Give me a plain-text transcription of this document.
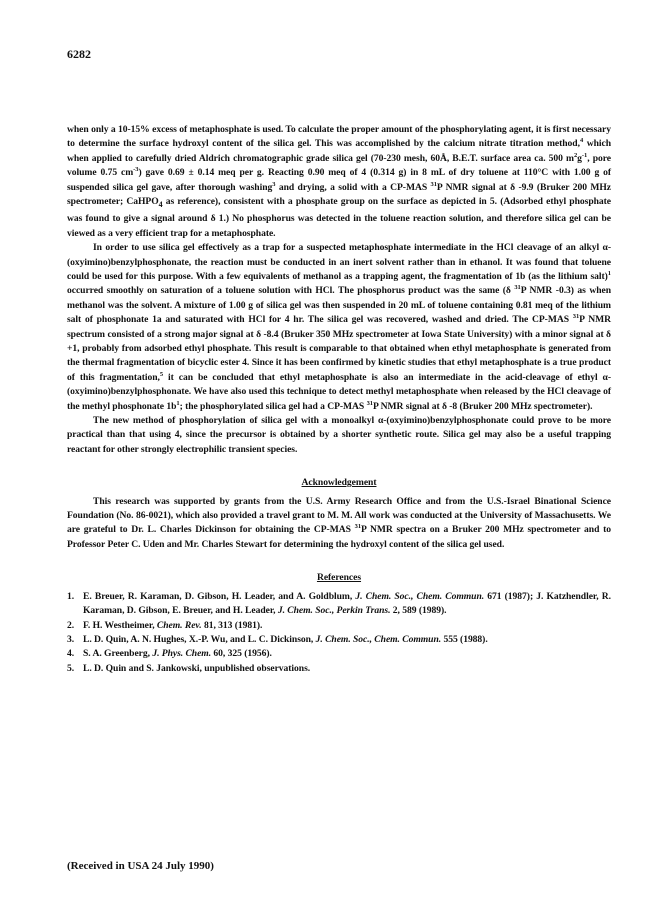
6282

when only a 10-15% excess of metaphosphate is used. To calculate the proper amount of the phosphorylating agent, it is first necessary to determine the surface hydroxyl content of the silica gel. This was accomplished by the calcium nitrate titration method,$^4$ which when applied to carefully dried Aldrich chromatographic grade silica gel (70-230 mesh, 60Å, B.E.T. surface area ca. 500 $m^2g^{-1}$, pore volume 0.75 $cm^{-3}$) gave 0.69 ± 0.14 meq per g. Reacting 0.90 meq of 4 (0.314 g) in 8 mL of dry toluene at 110°C with 1.00 g of suspended silica gel gave, after thorough washing$^3$ and drying, a solid with a CP-MAS $^{31}$P NMR signal at δ -9.9 (Bruker 200 MHz spectrometer; CaHPO$_4$ as reference), consistent with a phosphate group on the surface as depicted in 5. (Adsorbed ethyl phosphate was found to give a signal around δ 1.) No phosphorus was detected in the toluene reaction solution, and therefore silica gel can be viewed as a very efficient trap for a metaphosphate.

In order to use silica gel effectively as a trap for a suspected metaphosphate intermediate in the HCl cleavage of an alkyl α-(oxyimino)benzylphosphonate, the reaction must be conducted in an inert solvent rather than in ethanol. It was found that toluene could be used for this purpose. With a few equivalents of methanol as a trapping agent, the fragmentation of 1b (as the lithium salt)$^1$ occurred smoothly on saturation of a toluene solution with HCl. The phosphorus product was the same (δ $^{31}$P NMR -0.3) as when methanol was the solvent. A mixture of 1.00 g of silica gel was then suspended in 20 mL of toluene containing 0.81 meq of the lithium salt of phosphonate 1a and saturated with HCl for 4 hr. The silica gel was recovered, washed and dried. The CP-MAS $^{31}$P NMR spectrum consisted of a strong major signal at δ -8.4 (Bruker 350 MHz spectrometer at Iowa State University) with a minor signal at δ +1, probably from adsorbed ethyl phosphate. This result is comparable to that obtained when ethyl metaphosphate is generated from the thermal fragmentation of bicyclic ester 4. Since it has been confirmed by kinetic studies that ethyl metaphosphate is a true product of this fragmentation,$^5$ it can be concluded that ethyl metaphosphate is also an intermediate in the acid-cleavage of ethyl α-(oxyimino)benzylphosphonate. We have also used this technique to detect methyl metaphosphate when released by the HCl cleavage of the methyl phosphonate $1b^1$; the phosphorylated silica gel had a CP-MAS $^{31}$P NMR signal at δ -8 (Bruker 200 MHz spectrometer).

The new method of phosphorylation of silica gel with a monoalkyl α-(oxyimino)benzylphosphonate could prove to be more practical than that using 4, since the precursor is obtained by a shorter synthetic route. Silica gel may also be a useful trapping reactant for other strongly electrophilic transient species.

Acknowledgement

This research was supported by grants from the U.S. Army Research Office and from the U.S.-Israel Binational Science Foundation (No. 86-0021), which also provided a travel grant to M. M. All work was conducted at the University of Massachusetts. We are grateful to Dr. L. Charles Dickinson for obtaining the CP-MAS $^{31}$P NMR spectra on a Bruker 200 MHz spectrometer and to Professor Peter C. Uden and Mr. Charles Stewart for determining the hydroxyl content of the silica gel used.

References
1. E. Breuer, R. Karaman, D. Gibson, H. Leader, and A. Goldblum, J. Chem. Soc., Chem. Commun. 671 (1987); J. Katzhendler, R. Karaman, D. Gibson, E. Breuer, and H. Leader, J. Chem. Soc., Perkin Trans. 2, 589 (1989).
2. F. H. Westheimer, Chem. Rev. 81, 313 (1981).
3. L. D. Quin, A. N. Hughes, X.-P. Wu, and L. C. Dickinson, J. Chem. Soc., Chem. Commun. 555 (1988).
4. S. A. Greenberg, J. Phys. Chem. 60, 325 (1956).
5. L. D. Quin and S. Jankowski, unpublished observations.
(Received in USA 24 July 1990)
